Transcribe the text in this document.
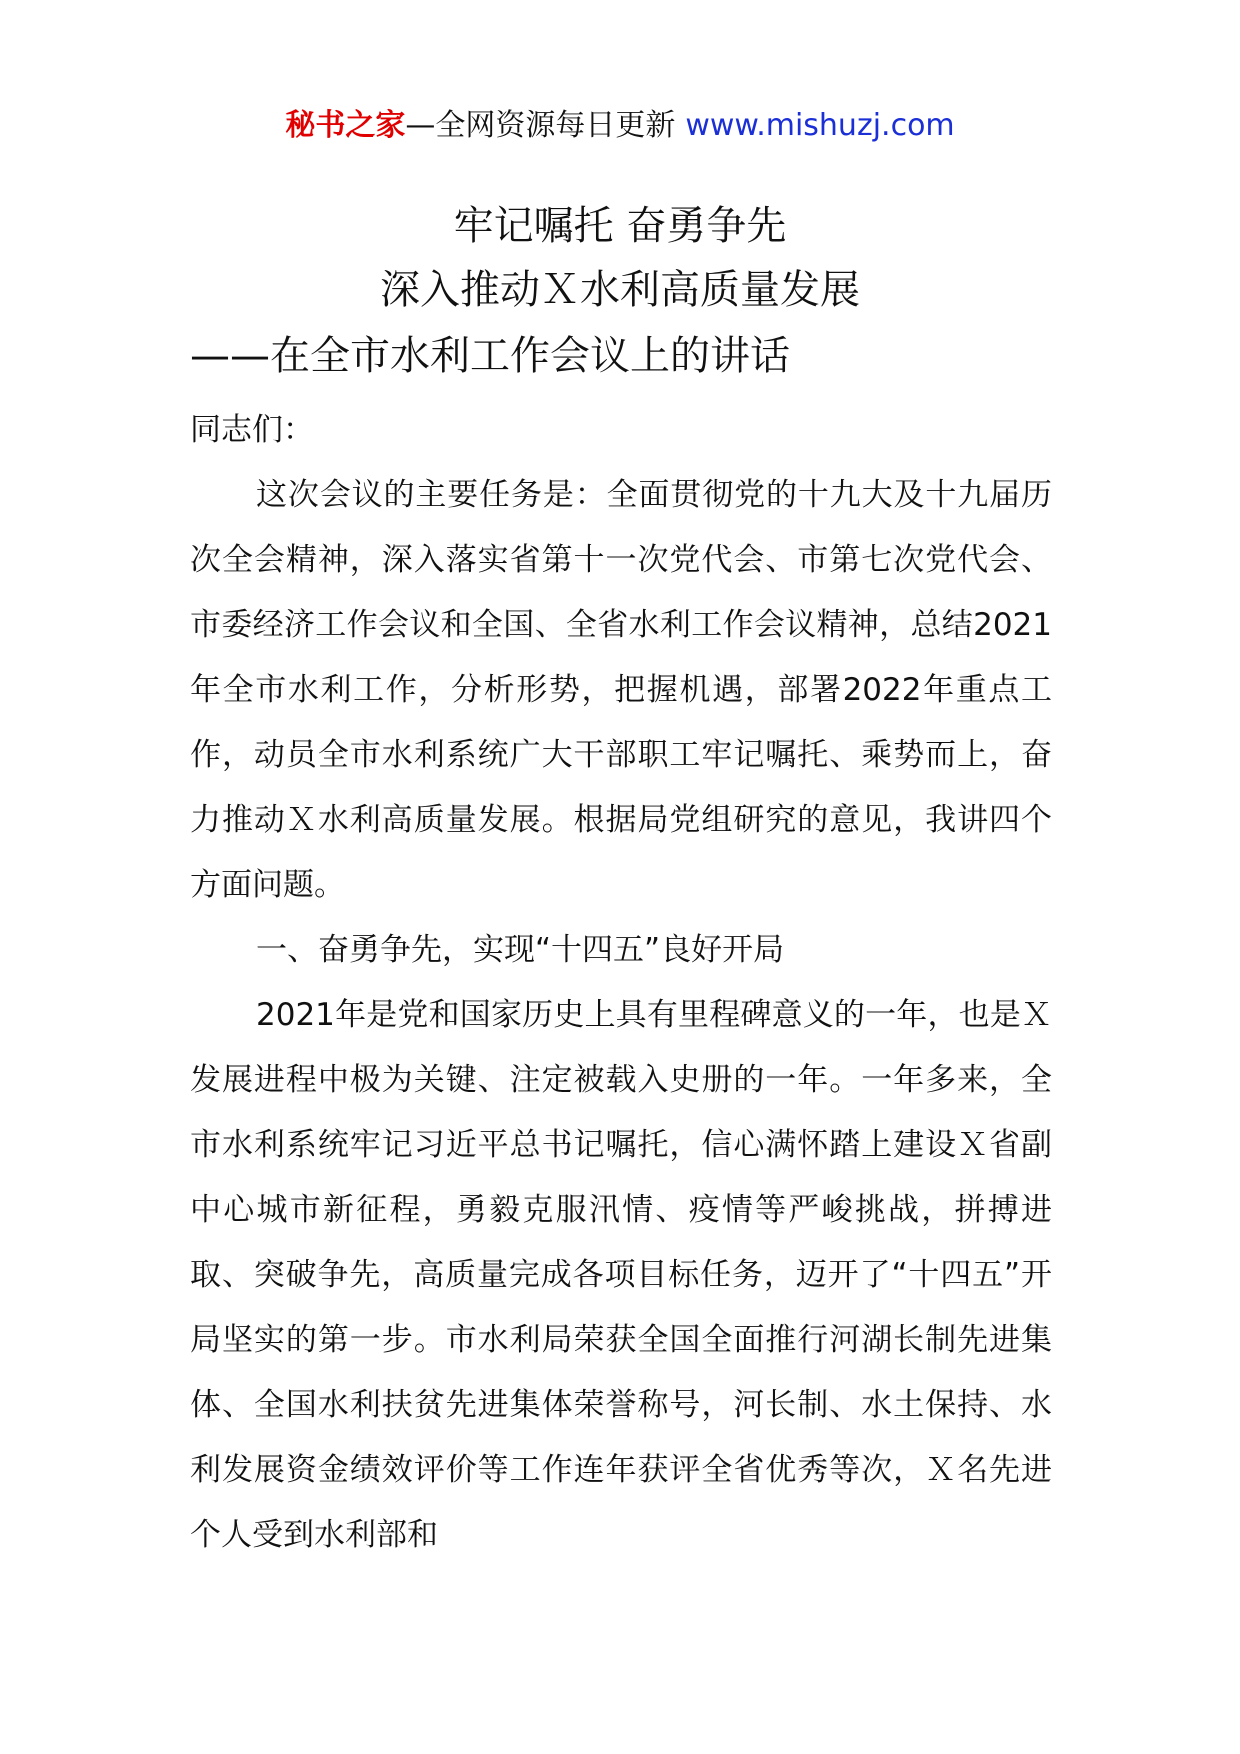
秘书之家—全网资源每日更新 www.mishuzj.com
牢记嘱托 奋勇争先
深入推动Ｘ水利高质量发展
——在全市水利工作会议上的讲话

同志们：

这次会议的主要任务是：全面贯彻党的十九大及十九届历次全会精神，深入落实省第十一次党代会、市第七次党代会、市委经济工作会议和全国、全省水利工作会议精神，总结2021年全市水利工作，分析形势，把握机遇，部署2022年重点工作，动员全市水利系统广大干部职工牢记嘱托、乘势而上，奋力推动Ｘ水利高质量发展。根据局党组研究的意见，我讲四个方面问题。

一、奋勇争先，实现“十四五”良好开局

2021年是党和国家历史上具有里程碑意义的一年，也是Ｘ发展进程中极为关键、注定被载入史册的一年。一年多来，全市水利系统牢记习近平总书记嘱托，信心满怀踏上建设Ｘ省副中心城市新征程，勇毅克服汛情、疫情等严峻挑战，拼搏进取、突破争先，高质量完成各项目标任务，迈开了“十四五”开局坚实的第一步。市水利局荣获全国全面推行河湖长制先进集体、全国水利扶贫先进集体荣誉称号，河长制、水土保持、水利发展资金绩效评价等工作连年获评全省优秀等次，Ｘ名先进个人受到水利部和
